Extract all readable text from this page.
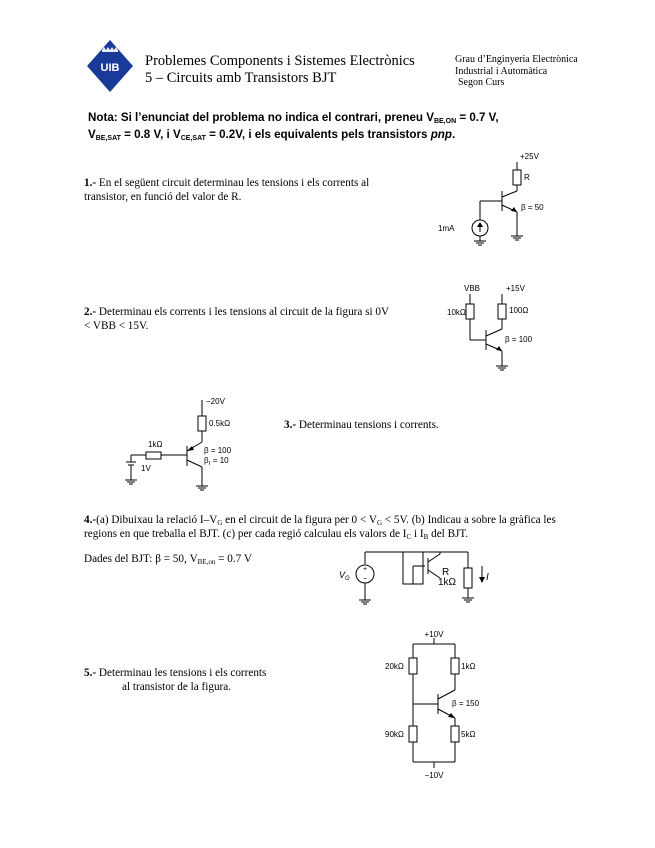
UIB Problemes Components i Sistemes Electrònics
5 – Circuits amb Transistors BJT
Grau d’Enginyeria Electrònica
Industrial i Automàtica
Segon Curs
Nota: Si l’enunciat del problema no indica el contrari, preneu $V_{BE,ON} = 0.7$ V,
$V_{BE,SAT} = 0.8$ V, i $V_{CE,SAT} = 0.2V$, i els equivalents pels transistors pnp.
1.- En el següent circuit determinau les tensions i els corrents al transistor, en funció del valor de R.
+25V
R
β = 50
1mA
2.- Determinau els corrents i les tensions al circuit de la figura si 0V < VBB < 15V.
VBB	+15V
10kΩ	100Ω
β = 100
−20V
0.5kΩ
1kΩ
β = 100
$\beta_r = 10$
1V
3.- Determinau tensions i corrents.
4.-(a) Dibuixau la relació $I-V_G$ en el circuit de la figura per $0 < V_G < 5V$. (b) Indicau a sobre la gràfica les regions en que treballa el BJT. (c) per cada regió calculau els valors de $I_C$ i $I_B$ del BJT.
Dades del BJT: β = 50, $V_{BE,on} = 0.7$ V
+
−
$V_G$
R
1kΩ	I
5.- Determinau les tensions i els corrents
al transistor de la figura.
+10V
20kΩ	1kΩ
β = 150
90kΩ	5kΩ
−10V
